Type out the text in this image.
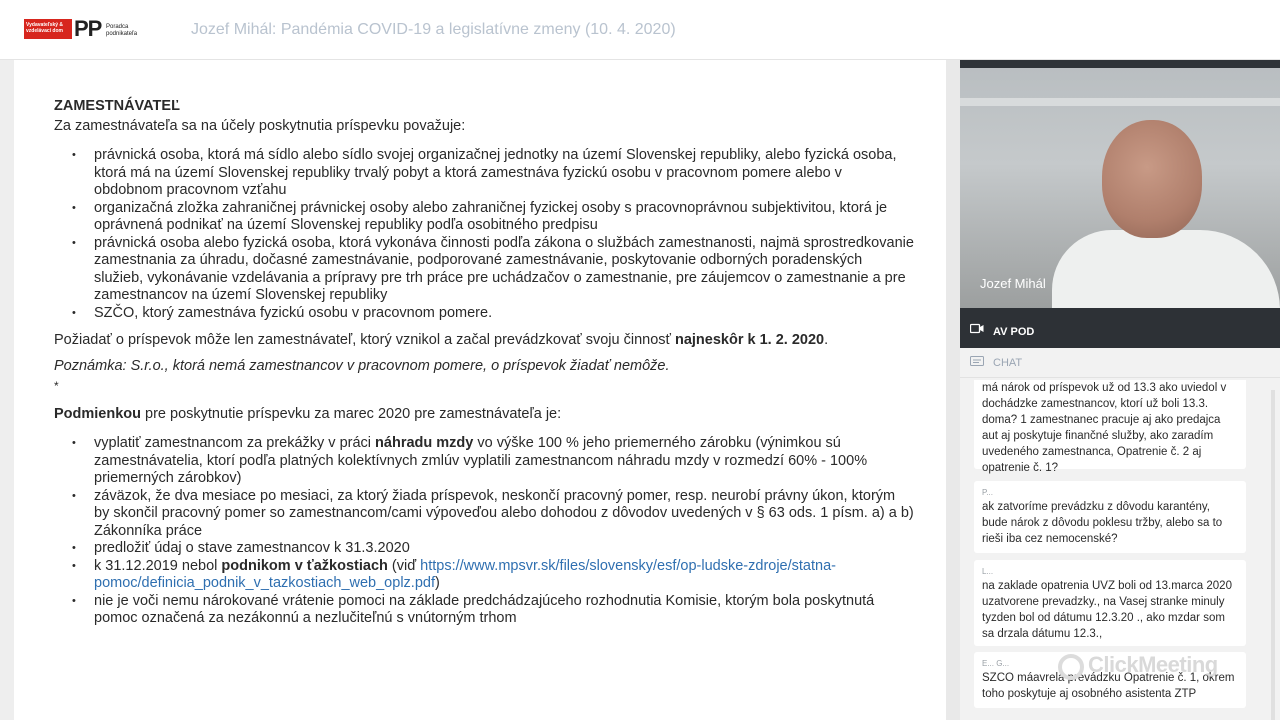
Vydavateľský & vzdelávací dom PP Poradca podnikateľa	Jozef Mihál: Pandémia COVID-19 a legislatívne zmeny (10. 4. 2020)
ZAMESTNÁVATEĽ
Za zamestnávateľa sa na účely poskytnutia príspevku považuje:
• právnická osoba, ktorá má sídlo alebo sídlo svojej organizačnej jednotky na území Slovenskej republiky, alebo fyzická osoba, ktorá má na území Slovenskej republiky trvalý pobyt a ktorá zamestnáva fyzickú osobu v pracovnom pomere alebo v obdobnom pracovnom vzťahu
• organizačná zložka zahraničnej právnickej osoby alebo zahraničnej fyzickej osoby s pracovnoprávnou subjektivitou, ktorá je oprávnená podnikať na území Slovenskej republiky podľa osobitného predpisu
• právnická osoba alebo fyzická osoba, ktorá vykonáva činnosti podľa zákona o službách zamestnanosti, najmä sprostredkovanie zamestnania za úhradu, dočasné zamestnávanie, podporované zamestnávanie, poskytovanie odborných poradenských služieb, vykonávanie vzdelávania a prípravy pre trh práce pre uchádzačov o zamestnanie, pre záujemcov o zamestnanie a pre zamestnancov na území Slovenskej republiky
• SZČO, ktorý zamestnáva fyzickú osobu v pracovnom pomere.
Požiadať o príspevok môže len zamestnávateľ, ktorý vznikol a začal prevádzkovať svoju činnosť najneskôr k 1. 2. 2020.
Poznámka: S.r.o., ktorá nemá zamestnancov v pracovnom pomere, o príspevok žiadať nemôže.
*
Podmienkou pre poskytnutie príspevku za marec 2020 pre zamestnávateľa je:
• vyplatiť zamestnancom za prekážky v práci náhradu mzdy vo výške 100 % jeho priemerného zárobku (výnimkou sú zamestnávatelia, ktorí podľa platných kolektívnych zmlúv vyplatili zamestnancom náhradu mzdy v rozmedzí 60% - 100% priemerných zárobkov)
• záväzok, že dva mesiace po mesiaci, za ktorý žiada príspevok, neskončí pracovný pomer, resp. neurobí právny úkon, ktorým by skončil pracovný pomer so zamestnancom/cami výpoveďou alebo dohodou z dôvodov uvedených v § 63 ods. 1 písm. a) a b) Zákonníka práce
• predložiť údaj o stave zamestnancov k 31.3.2020
• k 31.12.2019 nebol podnikom v ťažkostiach (viď https://www.mpsvr.sk/files/slovensky/esf/op-ludske-zdroje/statna-pomoc/definicia_podnik_v_tazkostiach_web_oplz.pdf)
• nie je voči nemu nárokované vrátenie pomoci na základe predchádzajúceho rozhodnutia Komisie, ktorým bola poskytnutá pomoc označená za nezákonnú a nezlučiteľnú s vnútorným trhom
Jozef Mihál
AV POD
CHAT
má nárok od príspevok už od 13.3 ako uviedol v dochádzke zamestnancov, ktorí už boli 13.3. doma? 1 zamestnanec pracuje aj ako predajca aut aj poskytuje finančné služby, ako zaradím uvedeného zamestnanca, Opatrenie č. 2 aj opatrenie č. 1?
P...
ak zatvoríme prevádzku z dôvodu karantény, bude nárok z dôvodu poklesu tržby, alebo sa to rieši iba cez nemocenské?
L...
na zaklade opatrenia UVZ boli od 13.marca 2020 uzatvorene prevadzky., na Vasej stranke minuly tyzden bol od dátumu 12.3.20 ., ako mzdar som sa drzala dátumu 12.3.,
E... G...
SZCO máavrela prevádzku Opatrenie č. 1, okrem toho poskytuje aj osobného asistenta ZTP
ClickMeeting
